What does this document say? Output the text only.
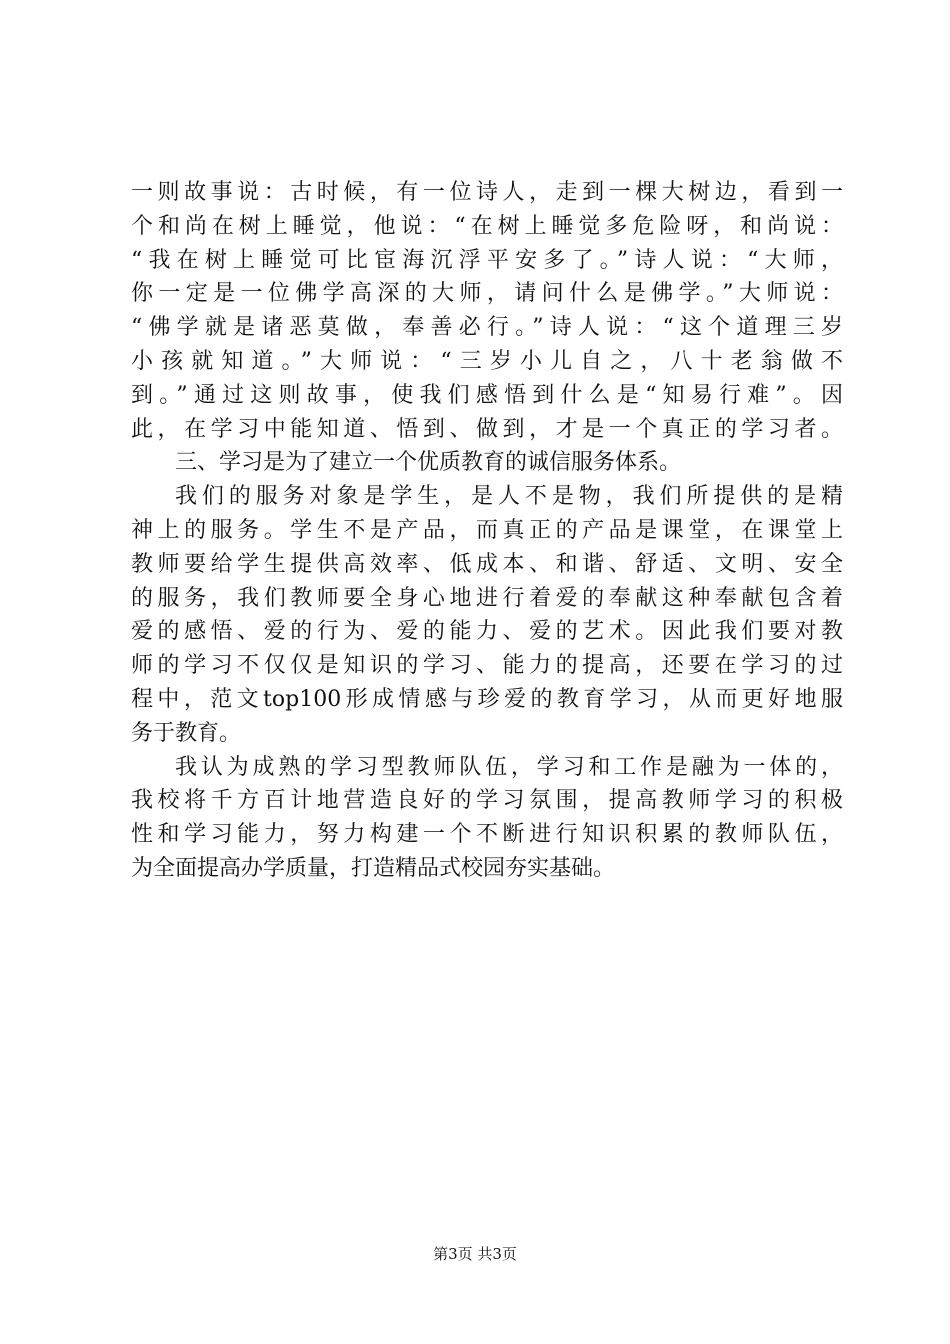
一则故事说：古时候，有一位诗人，走到一棵大树边，看到一
个和尚在树上睡觉，他说：“在树上睡觉多危险呀，和尚说：
“我在树上睡觉可比宦海沉浮平安多了。”诗人说：“大师，
你一定是一位佛学高深的大师，请问什么是佛学。”大师说：
“佛学就是诸恶莫做，奉善必行。”诗人说：“这个道理三岁
小孩就知道。”大师说：“三岁小儿自之，八十老翁做不
到。”通过这则故事，使我们感悟到什么是“知易行难”。因
此，在学习中能知道、悟到、做到，才是一个真正的学习者。
三、学习是为了建立一个优质教育的诚信服务体系。
我们的服务对象是学生，是人不是物，我们所提供的是精
神上的服务。学生不是产品，而真正的产品是课堂，在课堂上
教师要给学生提供高效率、低成本、和谐、舒适、文明、安全
的服务，我们教师要全身心地进行着爱的奉献这种奉献包含着
爱的感悟、爱的行为、爱的能力、爱的艺术。因此我们要对教
师的学习不仅仅是知识的学习、能力的提高，还要在学习的过
程中，范文top100形成情感与珍爱的教育学习，从而更好地服
务于教育。
我认为成熟的学习型教师队伍，学习和工作是融为一体的，
我校将千方百计地营造良好的学习氛围，提高教师学习的积极
性和学习能力，努力构建一个不断进行知识积累的教师队伍，
为全面提高办学质量，打造精品式校园夯实基础。
第3页 共3页
